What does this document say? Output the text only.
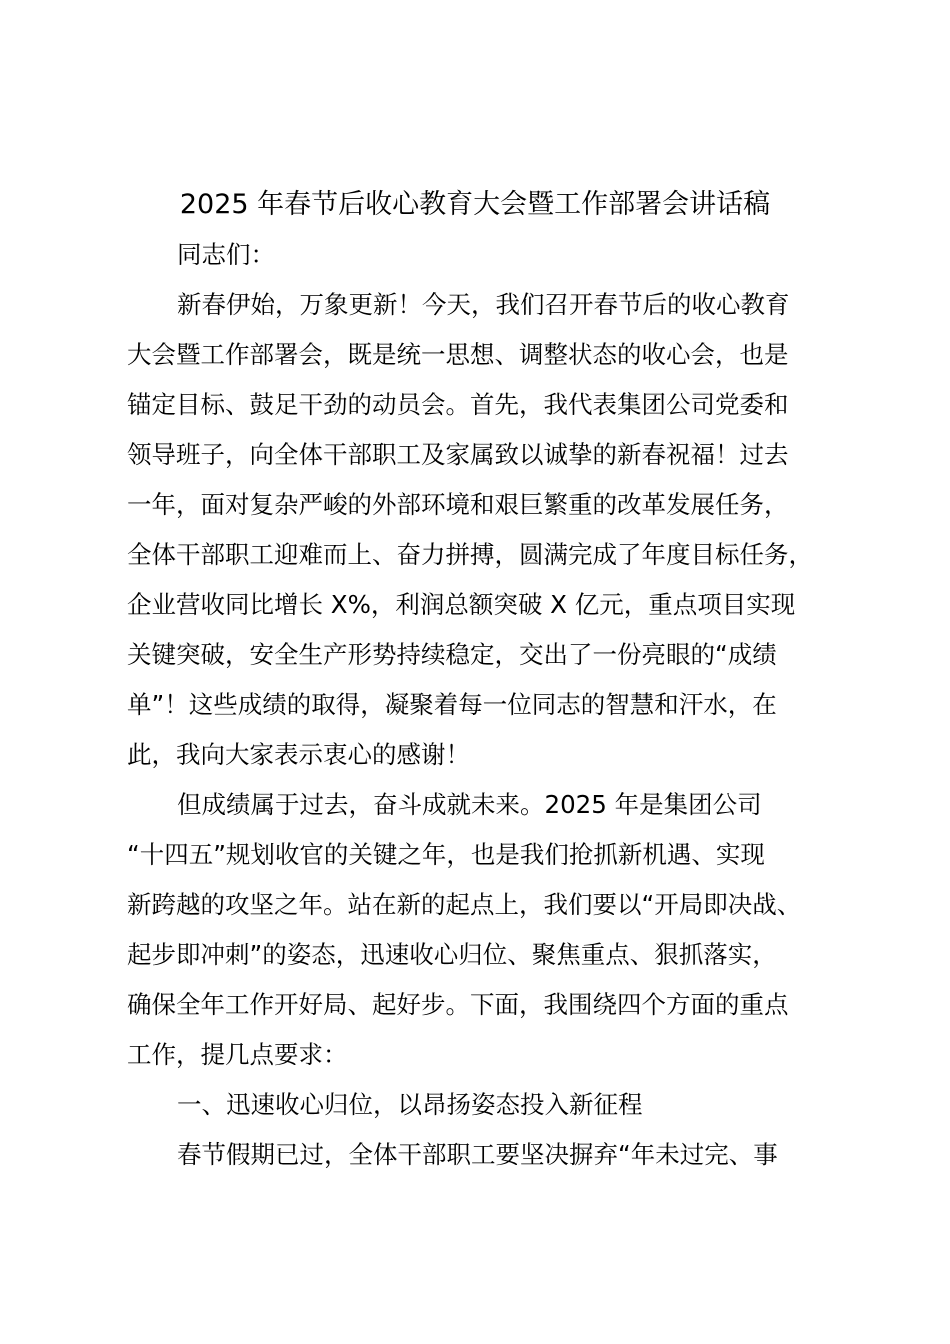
2025 年春节后收心教育大会暨工作部署会讲话稿
同志们：
新春伊始，万象更新！今天，我们召开春节后的收心教育
大会暨工作部署会，既是统一思想、调整状态的收心会，也是
锚定目标、鼓足干劲的动员会。首先，我代表集团公司党委和
领导班子，向全体干部职工及家属致以诚挚的新春祝福！过去
一年，面对复杂严峻的外部环境和艰巨繁重的改革发展任务，
全体干部职工迎难而上、奋力拼搏，圆满完成了年度目标任务，
企业营收同比增长 X%，利润总额突破 X 亿元，重点项目实现
关键突破，安全生产形势持续稳定，交出了一份亮眼的“成绩
单”！这些成绩的取得，凝聚着每一位同志的智慧和汗水，在
此，我向大家表示衷心的感谢！
但成绩属于过去，奋斗成就未来。2025 年是集团公司
“十四五”规划收官的关键之年，也是我们抢抓新机遇、实现
新跨越的攻坚之年。站在新的起点上，我们要以“开局即决战、
起步即冲刺”的姿态，迅速收心归位、聚焦重点、狠抓落实，
确保全年工作开好局、起好步。下面，我围绕四个方面的重点
工作，提几点要求：
一、迅速收心归位，以昂扬姿态投入新征程
春节假期已过，全体干部职工要坚决摒弃“年未过完、事
